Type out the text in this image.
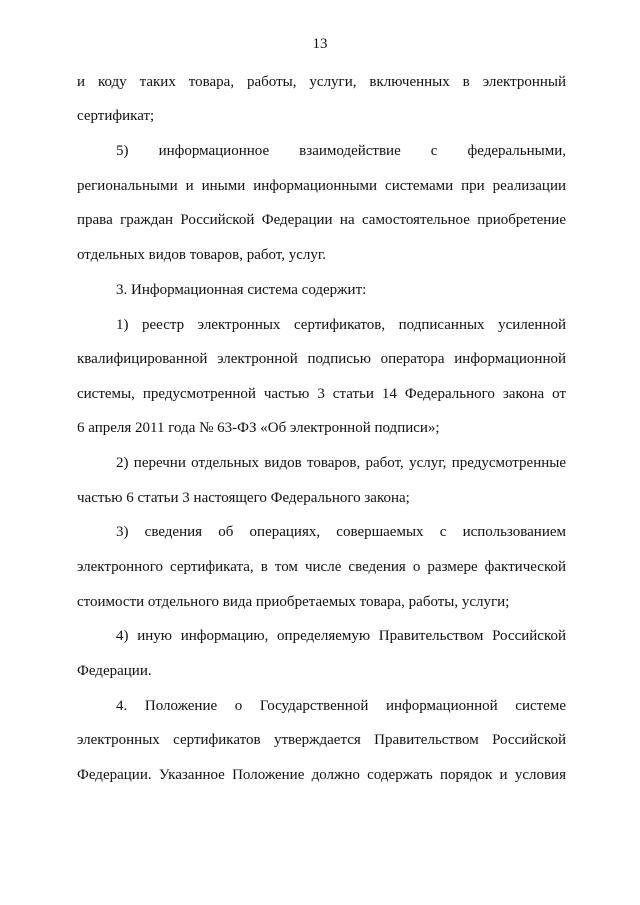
13
и коду таких товара, работы, услуги, включенных в электронный
сертификат;
5) информационное взаимодействие с федеральными,
региональными и иными информационными системами при реализации
права граждан Российской Федерации на самостоятельное приобретение
отдельных видов товаров, работ, услуг.
3. Информационная система содержит:
1) реестр электронных сертификатов, подписанных усиленной
квалифицированной электронной подписью оператора информационной
системы, предусмотренной частью 3 статьи 14 Федерального закона от
6 апреля 2011 года № 63-ФЗ «Об электронной подписи»;
2) перечни отдельных видов товаров, работ, услуг, предусмотренные
частью 6 статьи 3 настоящего Федерального закона;
3) сведения об операциях, совершаемых с использованием
электронного сертификата, в том числе сведения о размере фактической
стоимости отдельного вида приобретаемых товара, работы, услуги;
4) иную информацию, определяемую Правительством Российской
Федерации.
4. Положение о Государственной информационной системе
электронных сертификатов утверждается Правительством Российской
Федерации. Указанное Положение должно содержать порядок и условия
